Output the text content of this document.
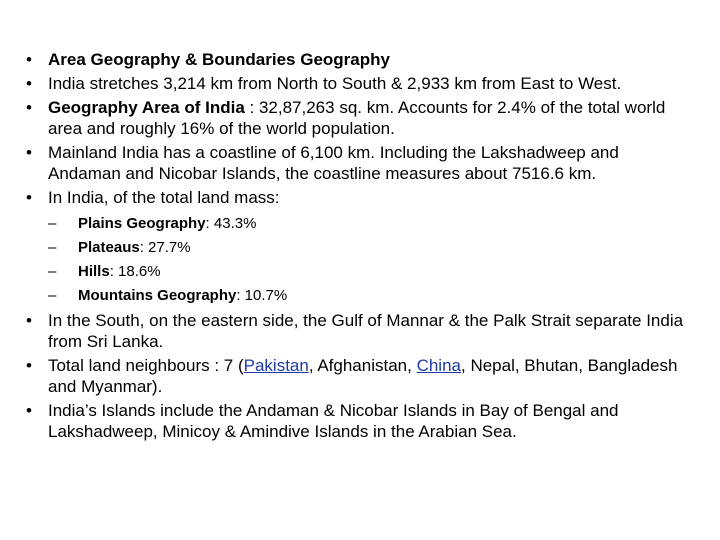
• Area Geography & Boundaries Geography
• India stretches 3,214 km from North to South & 2,933 km from East to West.
• Geography Area of India : 32,87,263 sq. km. Accounts for 2.4% of the total world area and roughly 16% of the world population.
• Mainland India has a coastline of 6,100 km. Including the Lakshadweep and Andaman and Nicobar Islands, the coastline measures about 7516.6 km.
• In India, of the total land mass:
– Plains Geography: 43.3%
– Plateaus: 27.7%
– Hills: 18.6%
– Mountains Geography: 10.7%
• In the South, on the eastern side, the Gulf of Mannar & the Palk Strait separate India from Sri Lanka.
• Total land neighbours : 7 (Pakistan, Afghanistan, China, Nepal, Bhutan, Bangladesh and Myanmar).
• India’s Islands include the Andaman & Nicobar Islands in Bay of Bengal and Lakshadweep, Minicoy & Amindive Islands in the Arabian Sea.
